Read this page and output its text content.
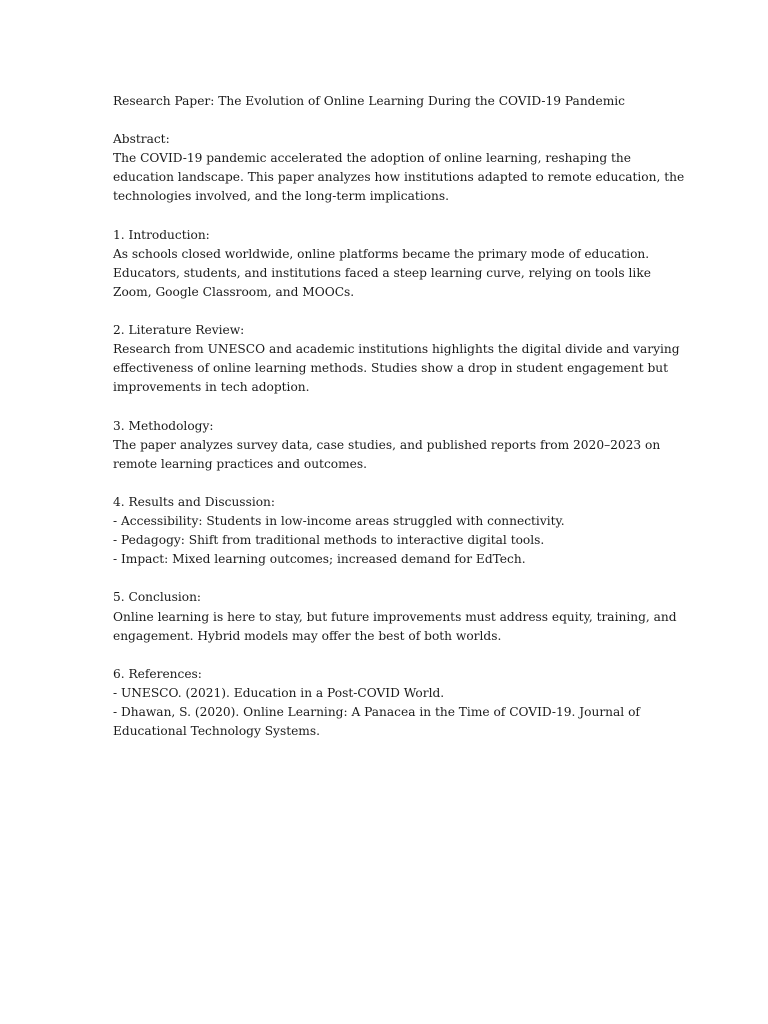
Research Paper: The Evolution of Online Learning During the COVID-19 Pandemic
Abstract:
The COVID-19 pandemic accelerated the adoption of online learning, reshaping the
education landscape. This paper analyzes how institutions adapted to remote education, the
technologies involved, and the long-term implications.
1. Introduction:
As schools closed worldwide, online platforms became the primary mode of education.
Educators, students, and institutions faced a steep learning curve, relying on tools like
Zoom, Google Classroom, and MOOCs.
2. Literature Review:
Research from UNESCO and academic institutions highlights the digital divide and varying
effectiveness of online learning methods. Studies show a drop in student engagement but
improvements in tech adoption.
3. Methodology:
The paper analyzes survey data, case studies, and published reports from 2020–2023 on
remote learning practices and outcomes.
4. Results and Discussion:
- Accessibility: Students in low-income areas struggled with connectivity.
- Pedagogy: Shift from traditional methods to interactive digital tools.
- Impact: Mixed learning outcomes; increased demand for EdTech.
5. Conclusion:
Online learning is here to stay, but future improvements must address equity, training, and
engagement. Hybrid models may offer the best of both worlds.
6. References:
- UNESCO. (2021). Education in a Post-COVID World.
- Dhawan, S. (2020). Online Learning: A Panacea in the Time of COVID-19. Journal of
Educational Technology Systems.
